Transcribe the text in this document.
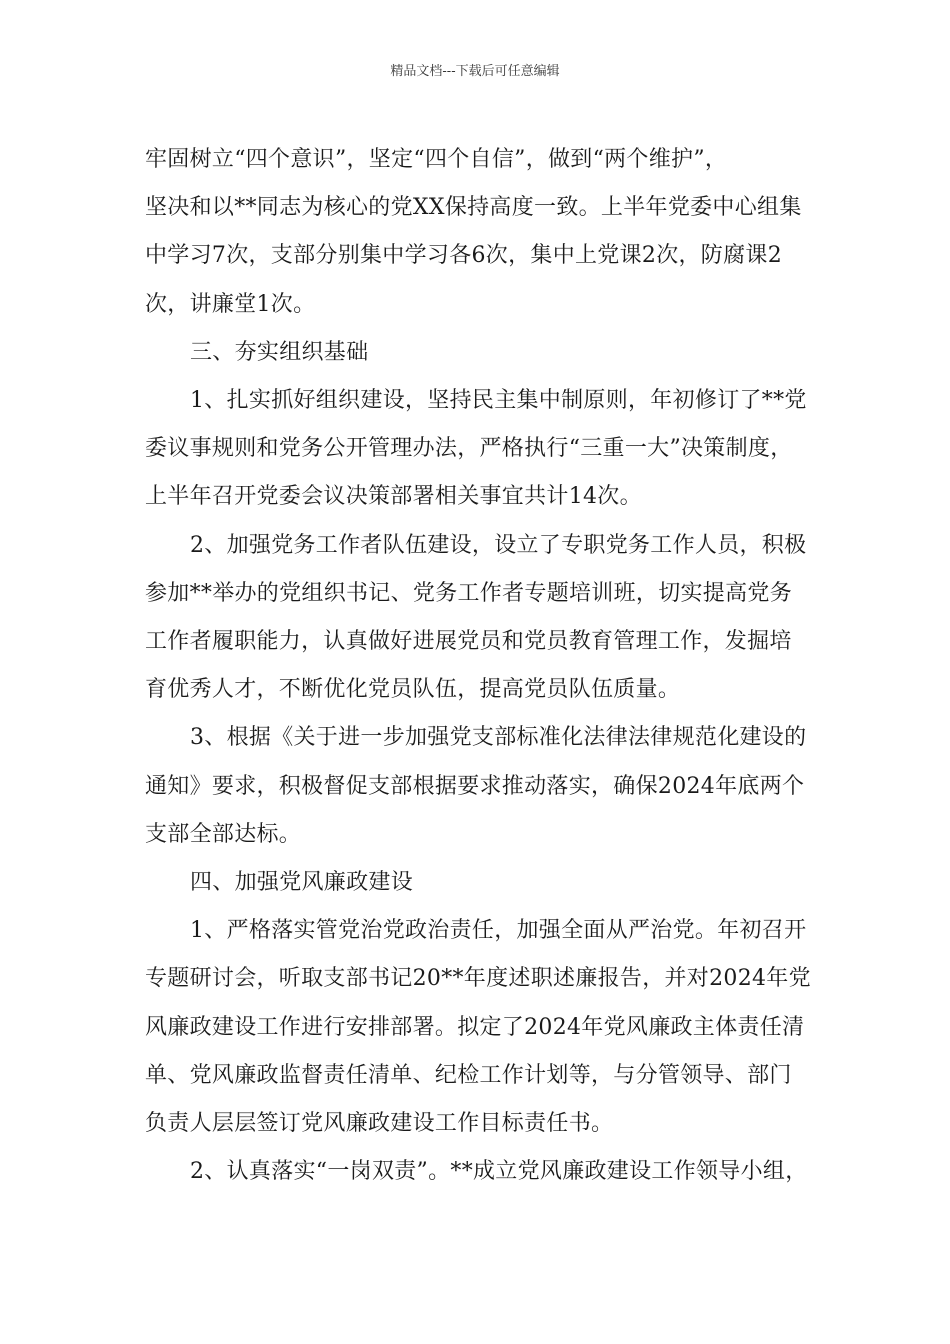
精品文档---下载后可任意编辑
牢固树立“四个意识”，坚定“四个自信”，做到“两个维护”，
坚决和以**同志为核心的党XX保持高度一致。上半年党委中心组集
中学习7次，支部分别集中学习各6次，集中上党课2次，防腐课2
次，讲廉堂1次。
三、夯实组织基础
1、扎实抓好组织建设，坚持民主集中制原则，年初修订了**党
委议事规则和党务公开管理办法，严格执行“三重一大”决策制度，
上半年召开党委会议决策部署相关事宜共计14次。
2、加强党务工作者队伍建设，设立了专职党务工作人员，积极
参加**举办的党组织书记、党务工作者专题培训班，切实提高党务
工作者履职能力，认真做好进展党员和党员教育管理工作，发掘培
育优秀人才，不断优化党员队伍，提高党员队伍质量。
3、根据《关于进一步加强党支部标准化法律法律规范化建设的
通知》要求，积极督促支部根据要求推动落实，确保2024年底两个
支部全部达标。
四、加强党风廉政建设
1、严格落实管党治党政治责任，加强全面从严治党。年初召开
专题研讨会，听取支部书记20**年度述职述廉报告，并对2024年党
风廉政建设工作进行安排部署。拟定了2024年党风廉政主体责任清
单、党风廉政监督责任清单、纪检工作计划等，与分管领导、部门
负责人层层签订党风廉政建设工作目标责任书。
2、认真落实“一岗双责”。**成立党风廉政建设工作领导小组，
